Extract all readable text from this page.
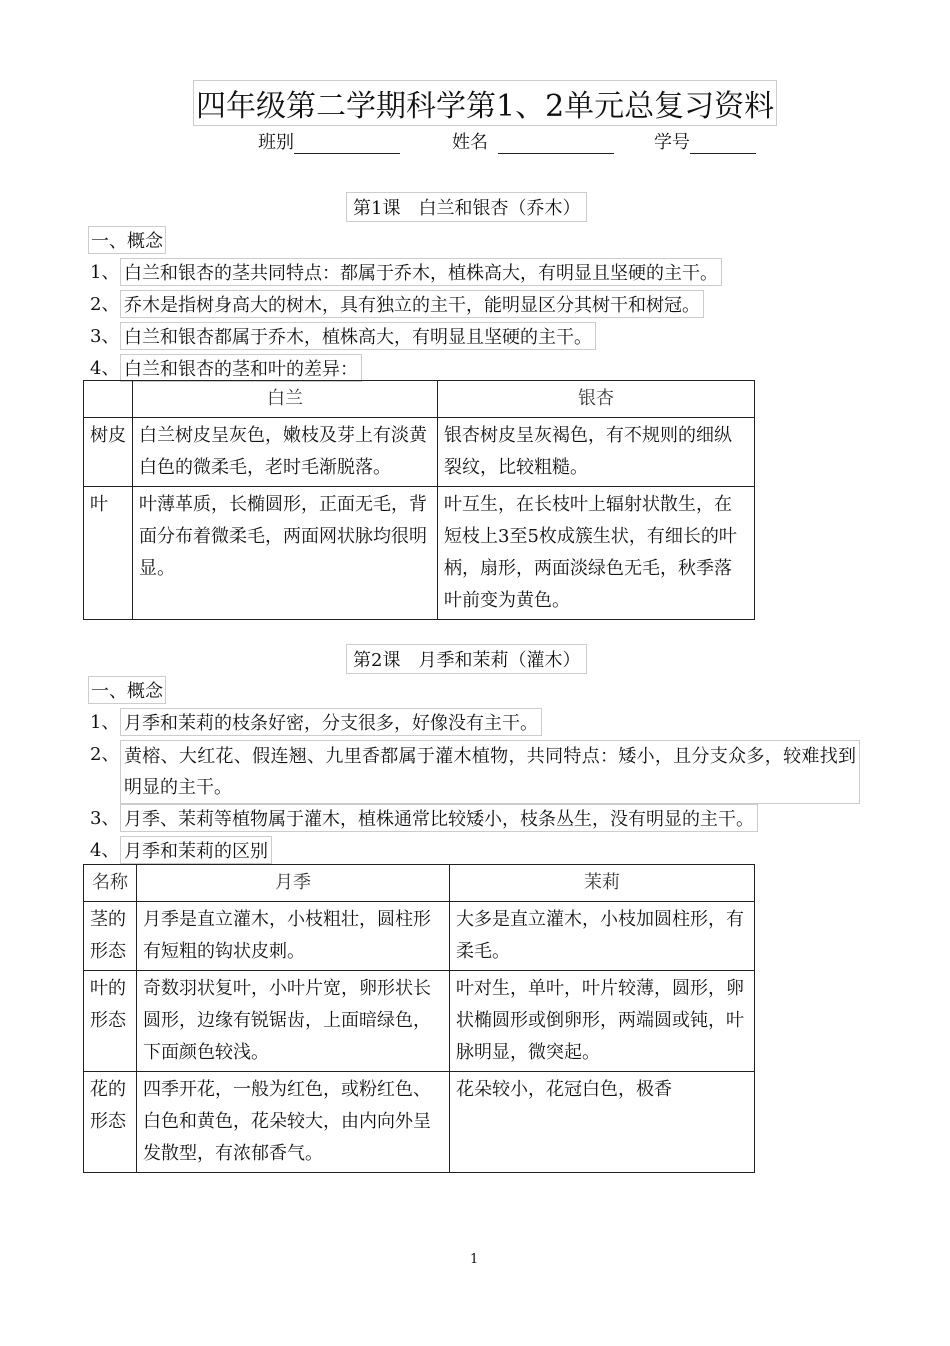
四年级第二学期科学第1、2单元总复习资料
班别	姓名	学号
第1课　白兰和银杏（乔木）
一、概念
1、 白兰和银杏的茎共同特点：都属于乔木，植株高大，有明显且坚硬的主干。
2、 乔木是指树身高大的树木，具有独立的主干，能明显区分其树干和树冠。
3、 白兰和银杏都属于乔木，植株高大，有明显且坚硬的主干。
4、 白兰和银杏的茎和叶的差异：
	白兰	银杏
树皮	白兰树皮呈灰色，嫩枝及芽上有淡黄白色的微柔毛，老时毛渐脱落。	银杏树皮呈灰褐色，有不规则的细纵裂纹，比较粗糙。
叶	叶薄革质，长椭圆形，正面无毛，背面分布着微柔毛，两面网状脉均很明显。	叶互生，在长枝叶上辐射状散生，在短枝上3至5枚成簇生状，有细长的叶柄，扇形，两面淡绿色无毛，秋季落叶前变为黄色。
第2课　月季和茉莉（灌木）
一、概念
1、 月季和茉莉的枝条好密，分支很多，好像没有主干。
2、 黄榕、大红花、假连翘、九里香都属于灌木植物，共同特点：矮小，且分支众多，较难找到明显的主干。
3、 月季、茉莉等植物属于灌木，植株通常比较矮小，枝条丛生，没有明显的主干。
4、 月季和茉莉的区别
名称	月季	茉莉
茎的形态	月季是直立灌木，小枝粗壮，圆柱形有短粗的钩状皮刺。	大多是直立灌木，小枝加圆柱形，有柔毛。
叶的形态	奇数羽状复叶，小叶片宽，卵形状长圆形，边缘有锐锯齿，上面暗绿色，下面颜色较浅。	叶对生，单叶，叶片较薄，圆形，卵状椭圆形或倒卵形，两端圆或钝，叶脉明显，微突起。
花的形态	四季开花，一般为红色，或粉红色、白色和黄色，花朵较大，由内向外呈发散型，有浓郁香气。	花朵较小，花冠白色，极香
1
